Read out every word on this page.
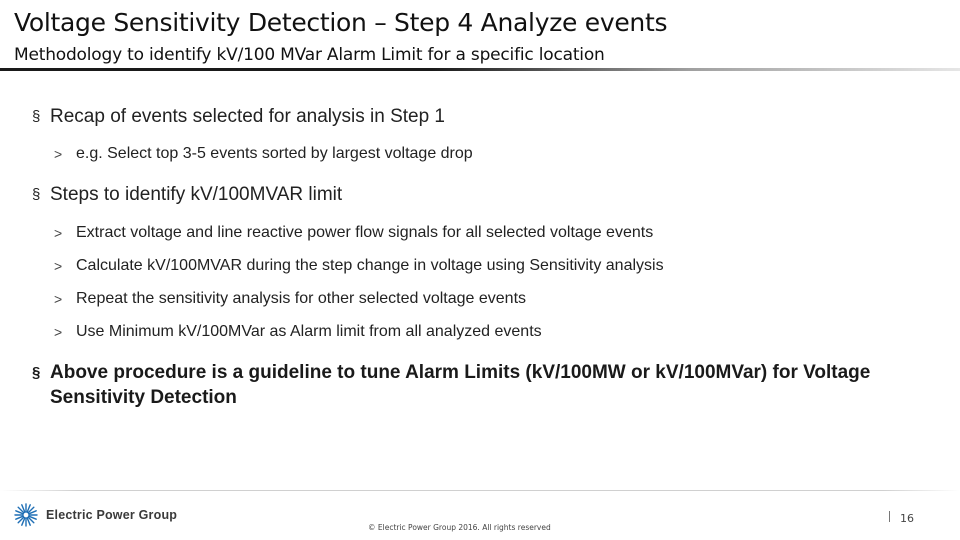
Voltage Sensitivity Detection – Step 4 Analyze events
Methodology to identify kV/100 MVar Alarm Limit for a specific location
§ Recap of events selected for analysis in Step 1
> e.g. Select top 3-5 events sorted by largest voltage drop
§ Steps to identify kV/100MVAR limit
> Extract voltage and line reactive power flow signals for all selected voltage events
> Calculate kV/100MVAR during the step change in voltage using Sensitivity analysis
> Repeat the sensitivity analysis for other selected voltage events
> Use Minimum kV/100MVar as Alarm limit from all analyzed events
§ Above procedure is a guideline to tune Alarm Limits (kV/100MW or kV/100MVar) for Voltage Sensitivity Detection
Electric Power Group
© Electric Power Group 2016. All rights reserved
16
